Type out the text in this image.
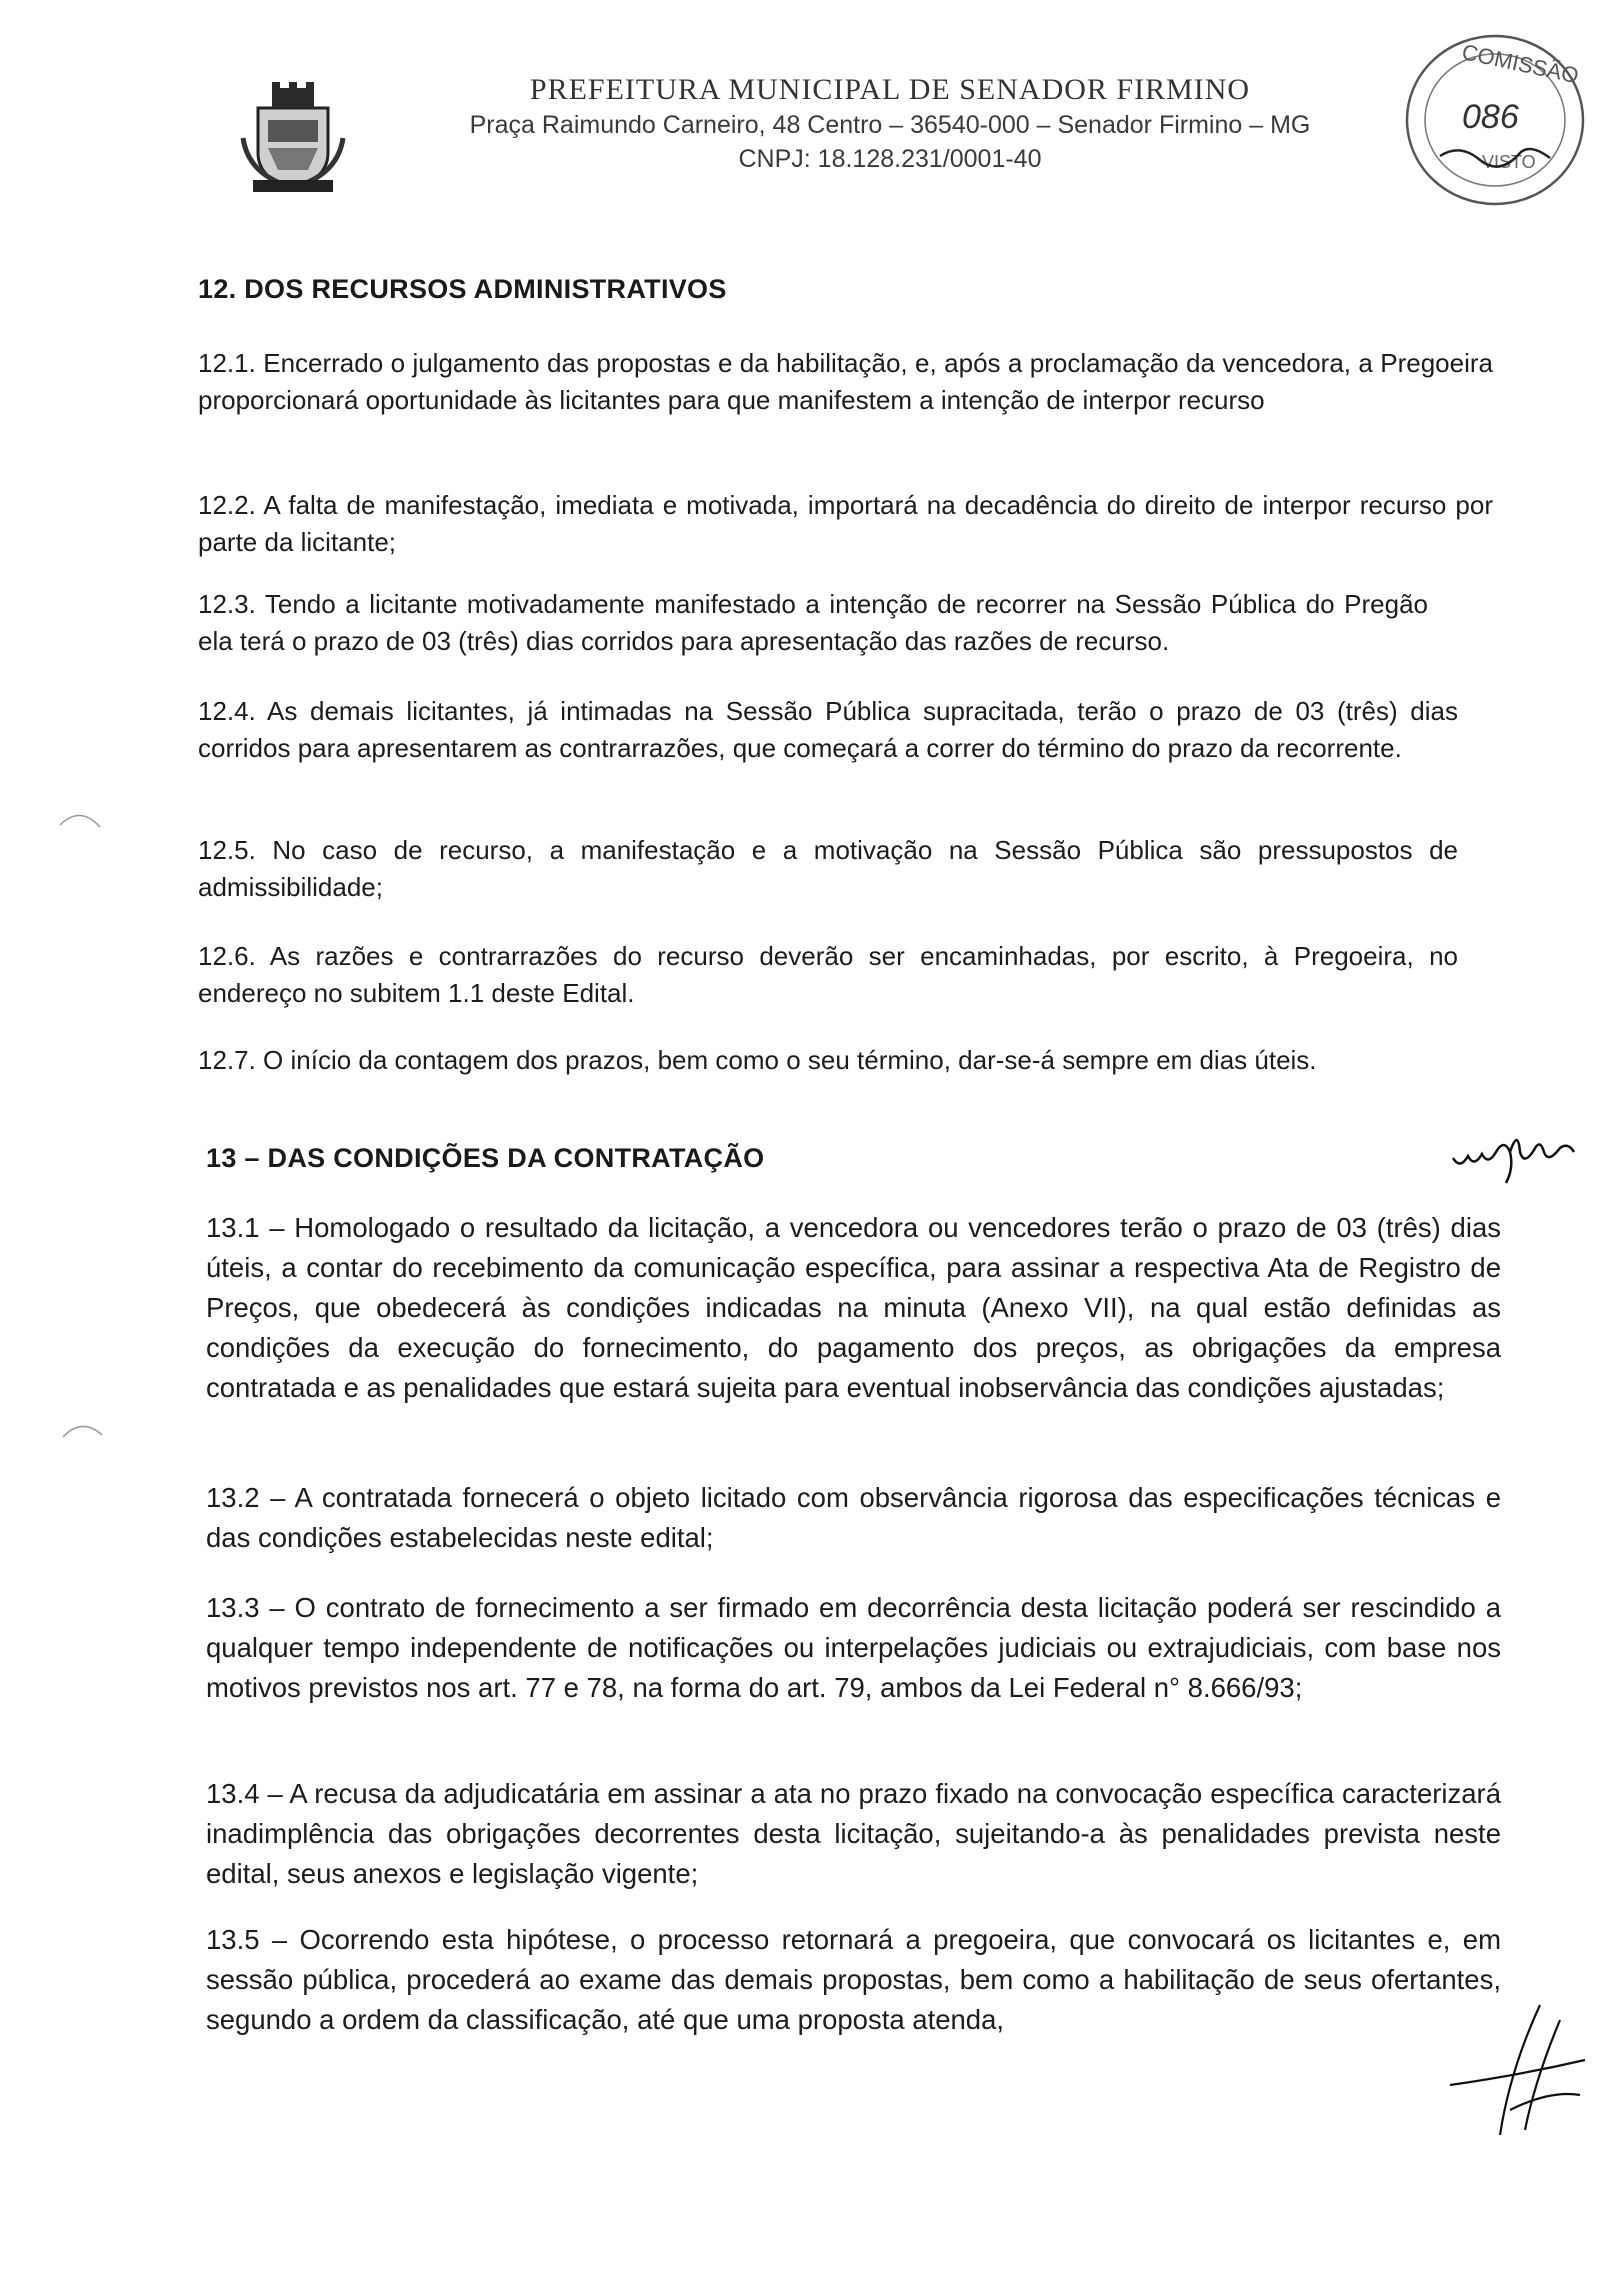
PREFEITURA MUNICIPAL DE SENADOR FIRMINO

Praça Raimundo Carneiro, 48 Centro – 36540-000 – Senador Firmino – MG

CNPJ: 18.128.231/0001-40

COMISSÃO
086
VISTO
12. DOS RECURSOS ADMINISTRATIVOS

12.1. Encerrado o julgamento das propostas e da habilitação, e, após a proclamação da vencedora, a Pregoeira proporcionará oportunidade às licitantes para que manifestem a intenção de interpor recurso

12.2. A falta de manifestação, imediata e motivada, importará na decadência do direito de interpor recurso por parte da licitante;

12.3. Tendo a licitante motivadamente manifestado a intenção de recorrer na Sessão Pública do Pregão ela terá o prazo de 03 (três) dias corridos para apresentação das razões de recurso.

12.4. As demais licitantes, já intimadas na Sessão Pública supracitada, terão o prazo de 03 (três) dias corridos para apresentarem as contrarrazões, que começará a correr do término do prazo da recorrente.

12.5. No caso de recurso, a manifestação e a motivação na Sessão Pública são pressupostos de admissibilidade;

12.6. As razões e contrarrazões do recurso deverão ser encaminhadas, por escrito, à Pregoeira, no endereço no subitem 1.1 deste Edital.

12.7. O início da contagem dos prazos, bem como o seu término, dar-se-á sempre em dias úteis.

13 – DAS CONDIÇÕES DA CONTRATAÇÃO

13.1 – Homologado o resultado da licitação, a vencedora ou vencedores terão o prazo de 03 (três) dias úteis, a contar do recebimento da comunicação específica, para assinar a respectiva Ata de Registro de Preços, que obedecerá às condições indicadas na minuta (Anexo VII), na qual estão definidas as condições da execução do fornecimento, do pagamento dos preços, as obrigações da empresa contratada e as penalidades que estará sujeita para eventual inobservância das condições ajustadas;

13.2 – A contratada fornecerá o objeto licitado com observância rigorosa das especificações técnicas e das condições estabelecidas neste edital;

13.3 – O contrato de fornecimento a ser firmado em decorrência desta licitação poderá ser rescindido a qualquer tempo independente de notificações ou interpelações judiciais ou extrajudiciais, com base nos motivos previstos nos art. 77 e 78, na forma do art. 79, ambos da Lei Federal n° 8.666/93;

13.4 – A recusa da adjudicatária em assinar a ata no prazo fixado na convocação específica caracterizará inadimplência das obrigações decorrentes desta licitação, sujeitando-a às penalidades prevista neste edital, seus anexos e legislação vigente;

13.5 – Ocorrendo esta hipótese, o processo retornará a pregoeira, que convocará os licitantes e, em sessão pública, procederá ao exame das demais propostas, bem como a habilitação de seus ofertantes, segundo a ordem da classificação, até que uma proposta atenda,
